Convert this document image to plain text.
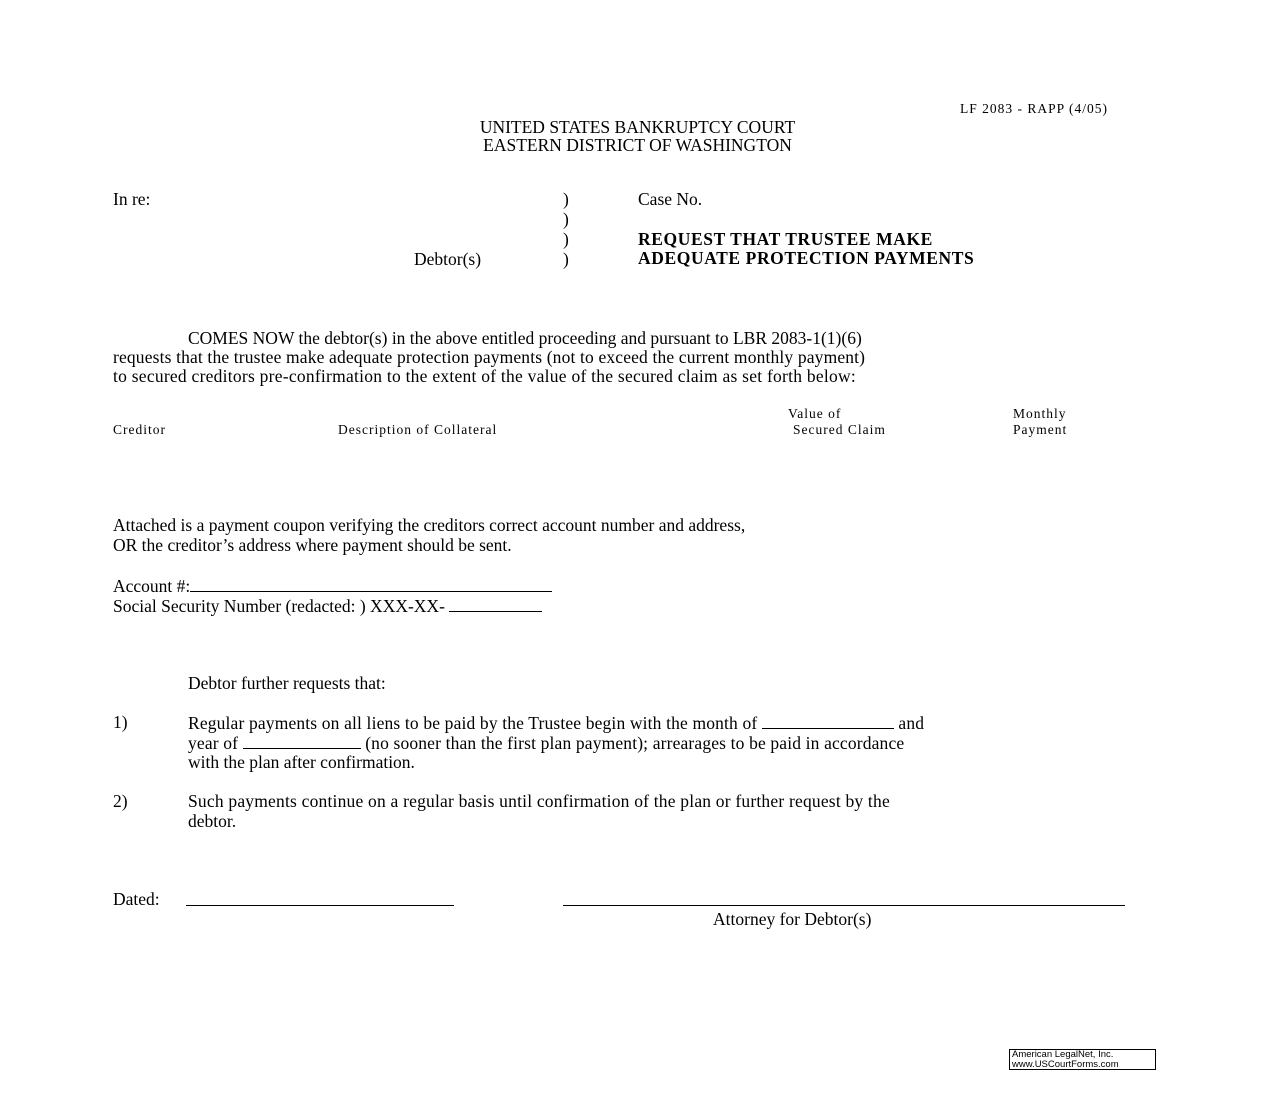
LF 2083 - RAPP (4/05)
UNITED STATES BANKRUPTCY COURT
EASTERN DISTRICT OF WASHINGTON
In re:
Debtor(s)
)
)
)
)
Case No.
REQUEST THAT TRUSTEE MAKE
ADEQUATE PROTECTION PAYMENTS
COMES NOW the debtor(s) in the above entitled proceeding and pursuant to LBR 2083-1(1)(6)
requests that the trustee make adequate protection payments (not to exceed the current monthly payment)
to secured creditors pre-confirmation to the extent of the value of the secured claim as set forth below:
Value of	Monthly
Creditor	Description of Collateral	Secured Claim	Payment
Attached is a payment coupon verifying the creditors correct account number and address,
OR the creditor’s address where payment should be sent.
Account #:
Social Security Number (redacted: ) XXX-XX-
Debtor further requests that:
1)	Regular payments on all liens to be paid by the Trustee begin with the month of	and
year of	(no sooner than the first plan payment); arrearages to be paid in accordance
with the plan after confirmation.
2)	Such payments continue on a regular basis until confirmation of the plan or further request by the
debtor.
Dated:
Attorney for Debtor(s)
American LegalNet, Inc.
www.USCourtForms.com
